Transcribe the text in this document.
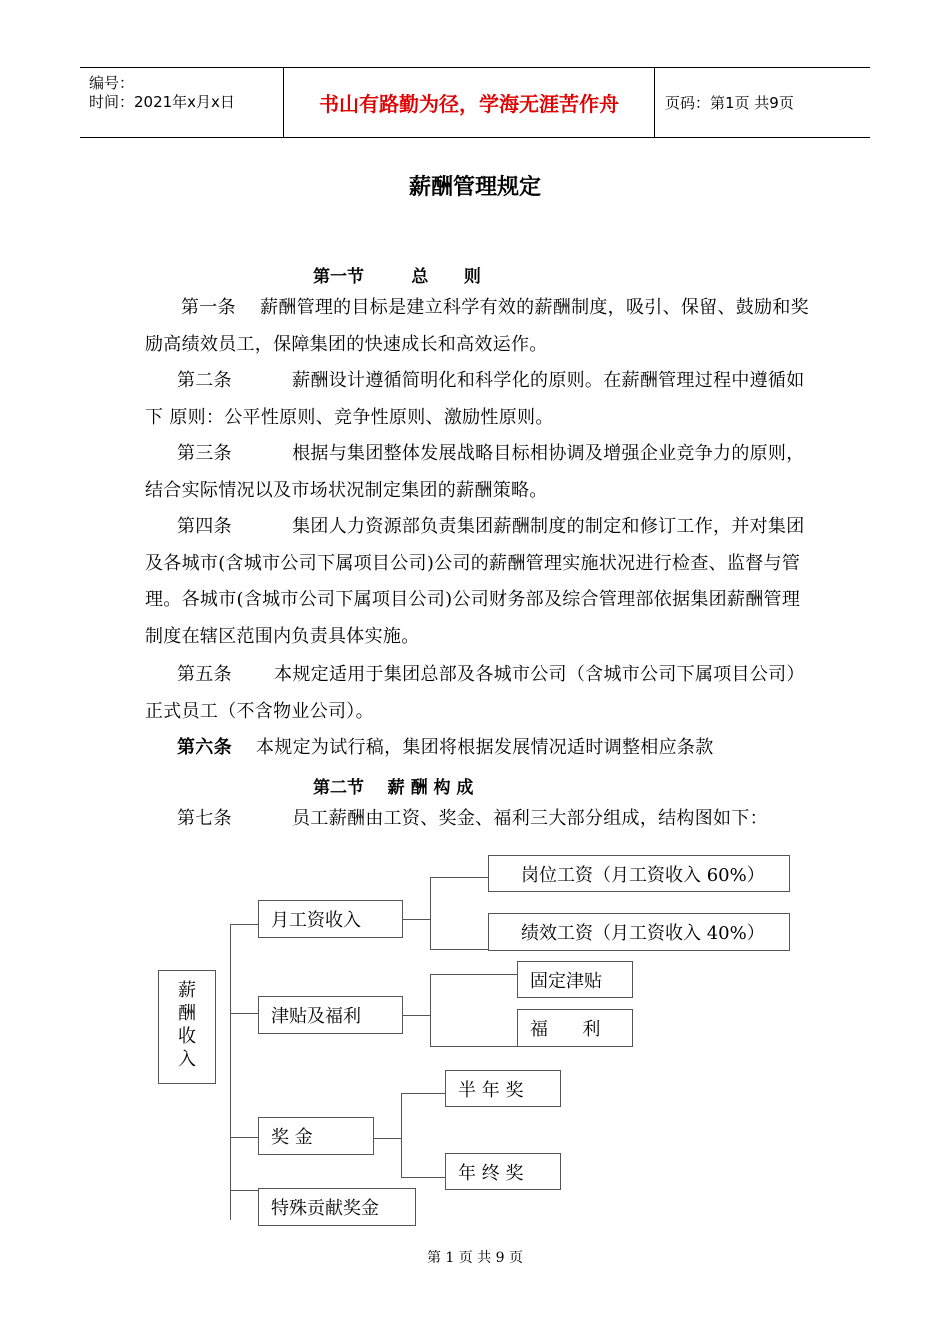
编号：
时间：2021年x月x日	书山有路勤为径，学海无涯苦作舟	页码：第1页 共9页
薪酬管理规定
第一节        总      则
第一条    薪酬管理的目标是建立科学有效的薪酬制度，吸引、保留、鼓励和奖励高绩效员工，保障集团的快速成长和高效运作。
第二条          薪酬设计遵循简明化和科学化的原则。在薪酬管理过程中遵循如下 原则：公平性原则、竞争性原则、激励性原则。
第三条          根据与集团整体发展战略目标相协调及增强企业竞争力的原则，结合实际情况以及市场状况制定集团的薪酬策略。
第四条          集团人力资源部负责集团薪酬制度的制定和修订工作，并对集团及各城市(含城市公司下属项目公司)公司的薪酬管理实施状况进行检查、监督与管理。各城市(含城市公司下属项目公司)公司财务部及综合管理部依据集团薪酬管理制度在辖区范围内负责具体实施。
第五条       本规定适用于集团总部及各城市公司（含城市公司下属项目公司）正式员工（不含物业公司）。
第六条    本规定为试行稿，集团将根据发展情况适时调整相应条款
第二节    薪 酬 构 成
第七条          员工薪酬由工资、奖金、福利三大部分组成，结构图如下：
薪酬收入
月工资收入
津贴及福利
奖 金
特殊贡献奖金
岗位工资（月工资收入 60%）
绩效工资（月工资收入 40%）
固定津贴
福      利
半 年 奖
年 终 奖
第 1 页 共 9 页
